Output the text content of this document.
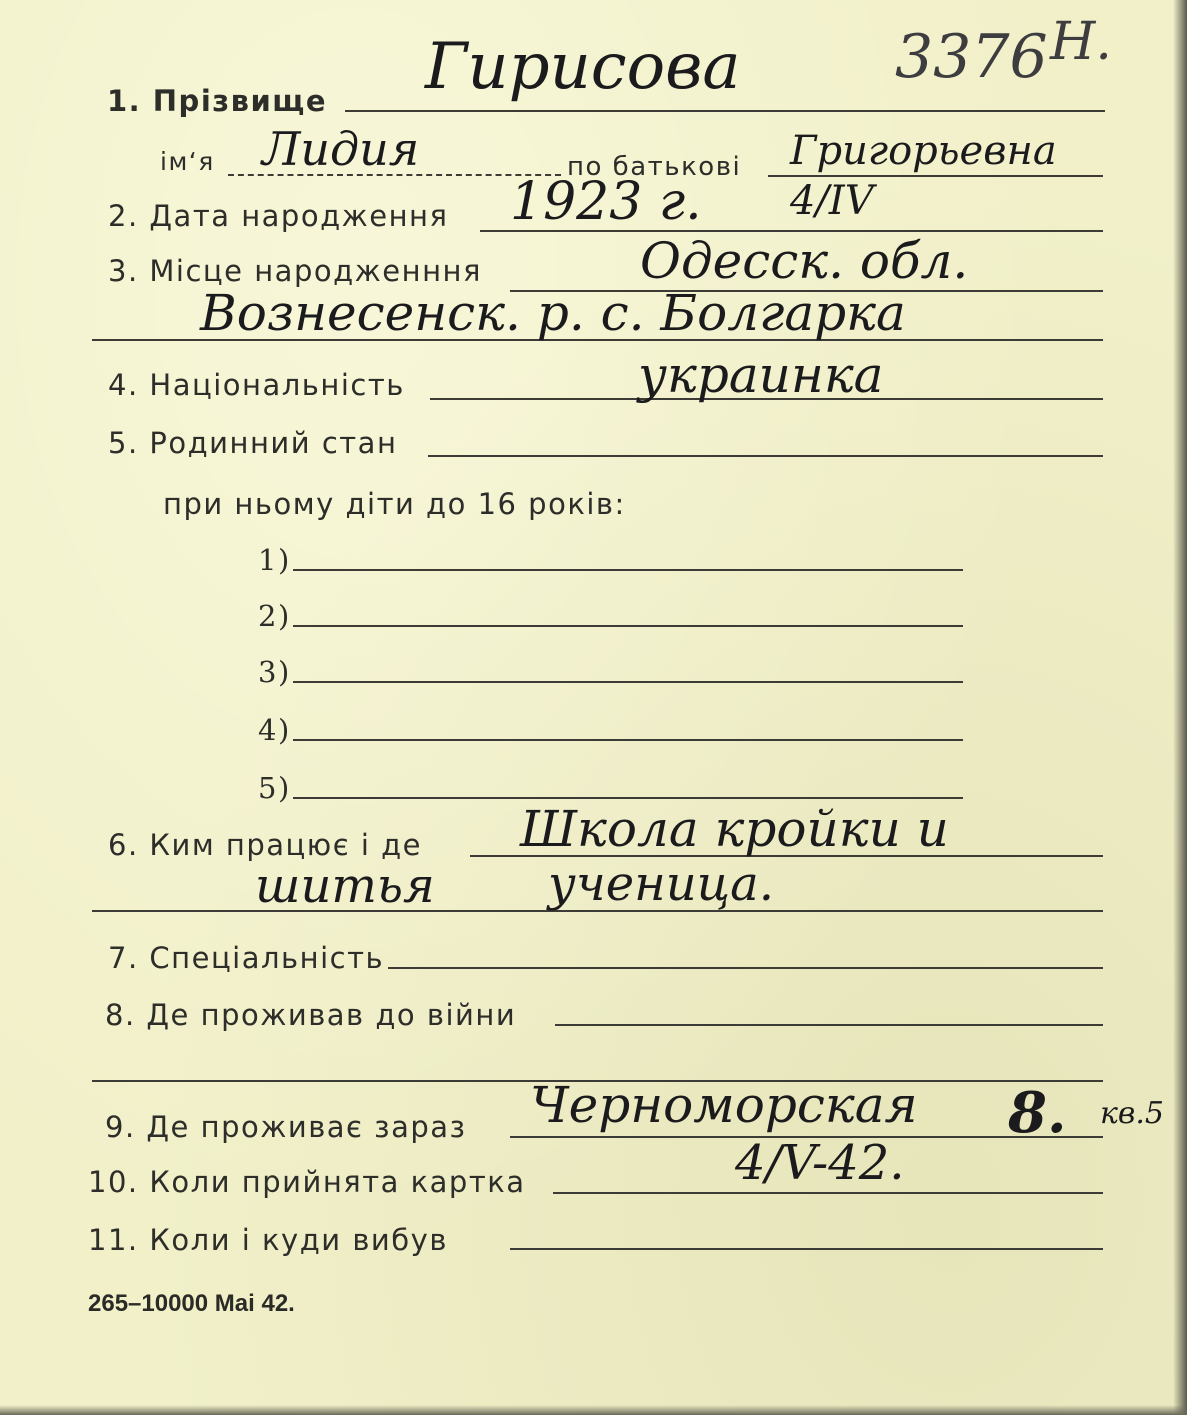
1. Прізвище Гирисова	3376 Н.
ім‘я Лидия	по батькові Григорьевна
2. Дата народження 1923 г. 4/IV
3. Місце народженння	Одесск. обл.
Вознесенск. р. с. Болгарка
4. Національність	украинка
5. Родинний стан
при ньому діти до 16 років:
1)
2)
3)
4)
5)
6. Ким працює і де Школа кройки и
шитья ученица.
7. Спеціальність
8. Де проживав до війни
9. Де проживає зараз Черноморская 8. кв.5
10. Коли прийнята картка	4/V-42.
11. Коли і куди вибув
265–10000 Mai 42.
